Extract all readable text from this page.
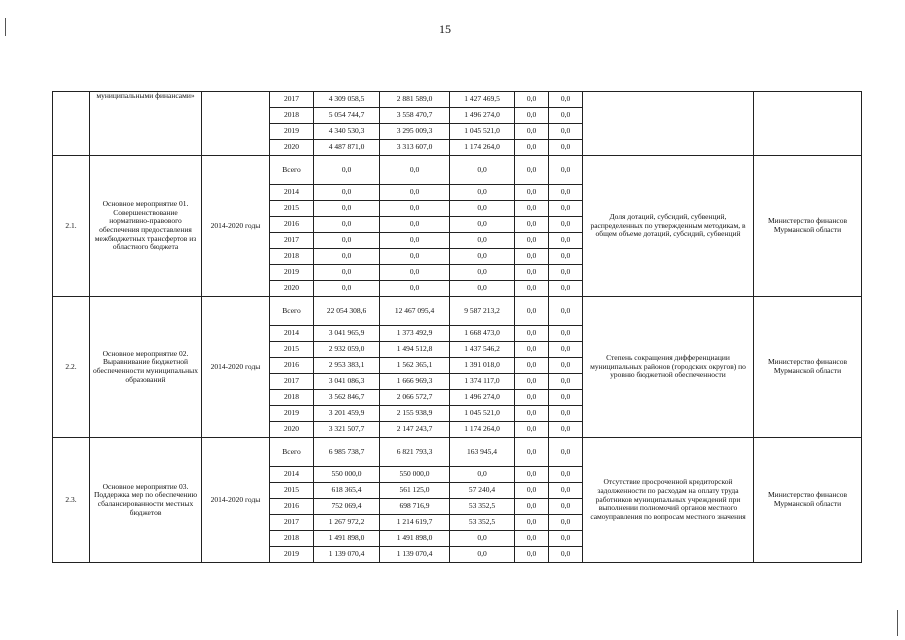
15
	муниципальными финансами»		2017	4 309 058,5	2 881 589,0	1 427 469,5	0,0	0,0		
			2018	5 054 744,7	3 558 470,7	1 496 274,0	0,0	0,0		
			2019	4 340 530,3	3 295 009,3	1 045 521,0	0,0	0,0		
			2020	4 487 871,0	3 313 607,0	1 174 264,0	0,0	0,0		
2.1.	Основное мероприятие 01. Совершенствование нормативно-правового обеспечения предоставления межбюджетных трансфертов из областного бюджета	2014-2020 годы	Всего	0,0	0,0	0,0	0,0	0,0	Доля дотаций, субсидий, субвенций, распределенных по утвержденным методикам, в общем объеме дотаций, субсидий, субвенций	Министерство финансов Мурманской области
			2014	0,0	0,0	0,0	0,0	0,0		
			2015	0,0	0,0	0,0	0,0	0,0		
			2016	0,0	0,0	0,0	0,0	0,0		
			2017	0,0	0,0	0,0	0,0	0,0		
			2018	0,0	0,0	0,0	0,0	0,0		
			2019	0,0	0,0	0,0	0,0	0,0		
			2020	0,0	0,0	0,0	0,0	0,0		
2.2.	Основное мероприятие 02. Выравнивание бюджетной обеспеченности муниципальных образований	2014-2020 годы	Всего	22 054 308,6	12 467 095,4	9 587 213,2	0,0	0,0	Степень сокращения дифференциации муниципальных районов (городских округов) по уровню бюджетной обеспеченности	Министерство финансов Мурманской области
			2014	3 041 965,9	1 373 492,9	1 668 473,0	0,0	0,0		
			2015	2 932 059,0	1 494 512,8	1 437 546,2	0,0	0,0		
			2016	2 953 383,1	1 562 365,1	1 391 018,0	0,0	0,0		
			2017	3 041 086,3	1 666 969,3	1 374 117,0	0,0	0,0		
			2018	3 562 846,7	2 066 572,7	1 496 274,0	0,0	0,0		
			2019	3 201 459,9	2 155 938,9	1 045 521,0	0,0	0,0		
			2020	3 321 507,7	2 147 243,7	1 174 264,0	0,0	0,0		
2.3.	Основное мероприятие 03. Поддержка мер по обеспечению сбалансированности местных бюджетов	2014-2020 годы	Всего	6 985 738,7	6 821 793,3	163 945,4	0,0	0,0	Отсутствие просроченной кредиторской задолженности по расходам на оплату труда работников муниципальных учреждений при выполнении полномочий органов местного самоуправления по вопросам местного значения	Министерство финансов Мурманской области
			2014	550 000,0	550 000,0	0,0	0,0	0,0		
			2015	618 365,4	561 125,0	57 240,4	0,0	0,0		
			2016	752 069,4	698 716,9	53 352,5	0,0	0,0		
			2017	1 267 972,2	1 214 619,7	53 352,5	0,0	0,0		
			2018	1 491 898,0	1 491 898,0	0,0	0,0	0,0		
			2019	1 139 070,4	1 139 070,4	0,0	0,0	0,0		
